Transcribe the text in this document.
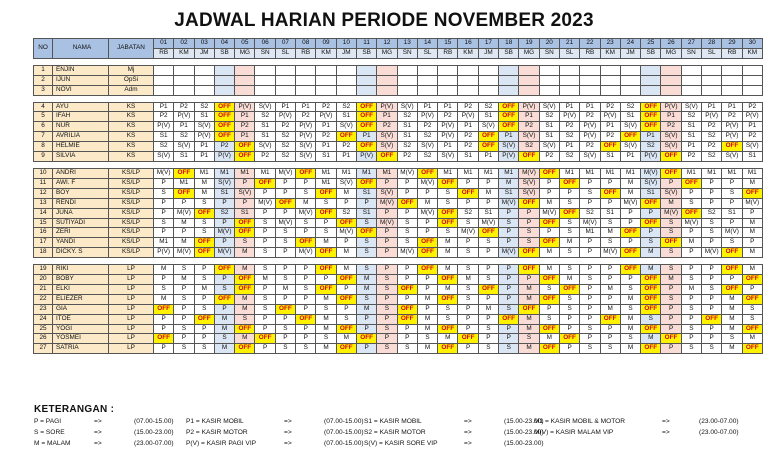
JADWAL HARIAN PERIODE NOVEMBER 2023
NO	NAMA	JABATAN	01	02	03	04	05	06	07	08	09	10	11	12	13	14	15	16	17	18	19	20	21	22	23	24	25	26	27	28	29	30
			RB	KM	JM	SB	MG	SN	SL	RB	KM	JM	SB	MG	SN	SL	RB	KM	JM	SB	MG	SN	SL	RB	KM	JM	SB	MG	SN	SL	RB	KM

1	ENJIN	Mj																														
2	IJUN	OpSi																														
3	NOVI	Adm																														

4	AYU	KS	P1	P2	S2	OFF	P(V)	S(V)	P1	P1	P2	S2	OFF	P(V)	S(V)	P1	P1	P2	S2	OFF	P(V)	S(V)	P1	P1	P2	S2	OFF	P(V)	S(V)	P1	P1	P2
5	IFAH	KS	P2	P(V)	S1	OFF	P1	S2	P(V)	P2	P(V)	S1	OFF	P1	S2	P(V)	P2	P(V)	S1	OFF	P1	S2	P(V)	P2	P(V)	S1	OFF	P1	S2	P(V)	P2	P(V)
6	NUR	KS	P(V)	P1	S(V)	OFF	P2	S1	P2	P(V)	P1	S(V)	OFF	P2	S1	P2	P(V)	P1	S(V)	OFF	P2	S1	P2	P(V)	P1	S(V)	OFF	P2	S1	P2	P(V)	P1
7	AVRILIA	KS	S1	S2	P(V)	OFF	P1	S1	S2	P(V)	P2	OFF	P1	S(V)	S1	S2	P(V)	P2	OFF	P1	S(V)	S1	S2	P(V)	P2	OFF	P1	S(V)	S1	S2	P(V)	P2
8	HELMIE	KS	S2	S(V)	P1	P2	OFF	S(V)	S2	S(V)	P1	P2	OFF	S(V)	S2	S(V)	P1	P2	OFF	S(V)	S2	S(V)	P1	P2	OFF	S(V)	S2	S(V)	P1	P2	OFF	S(V)
9	SILVIA	KS	S(V)	S1	P1	P(V)	OFF	P2	S2	S(V)	S1	P1	P(V)	OFF	P2	S2	S(V)	S1	P1	P(V)	OFF	P2	S2	S(V)	S1	P1	P(V)	OFF	P2	S2	S(V)	S1

10	ANDRI	KS/LP	M(V)	OFF	M1	M1	M1	M1	M(V)	OFF	M1	M1	M1	M1	M(V)	OFF	M1	M1	M1	M1	M(V)	OFF	M1	M1	M1	M1	M(V)	OFF	M1	M1	M1	M1
11	AWI. F	KS/LP	P	M1	M	S(V)	P	OFF	P	P	M1	S(V)	OFF	P	P	M(V)	OFF	P	P	M	S(V)	P	OFF	P	P	M	S(V)	P	OFF	P	P	M
12	BOY	KS/LP	S	OFF	M	S1	S(V)	P	P	S	OFF	M	S1	S(V)	P	P	S	OFF	M	S1	S(V)	P	P	S	OFF	M	S1	S(V)	P	P	S	OFF
13	RENDI	KS/LP	P	P	S	P	P	M(V)	OFF	M	S	P	P	M(V)	OFF	M	S	P	P	M(V)	OFF	M	S	P	P	M(V)	OFF	M	S	P	P	M(V)
14	JUNA	KS/LP	P	M(V)	OFF	S2	S1	P	P	M(V)	OFF	S2	S1	P	P	M(V)	OFF	S2	S1	P	P	M(V)	OFF	S2	S1	P	P	M(V)	OFF	S2	S1	P
15	SUTIYADI	KS/LP	S	M	S	P	OFF	S	M(V)	S	P	OFF	S	M(V)	S	P	OFF	S	M(V)	S	P	OFF	S	M(V)	S	P	OFF	S	M(V)	S	P	M
16	ZERI	KS/LP	P	P	S	M(V)	OFF	P	S	P	S	M(V)	OFF	P	S	P	S	M(V)	OFF	P	S	P	S	M1	M	OFF	P	S	P	S	M(V)	M
17	YANDI	KS/LP	M1	M	OFF	P	S	P	S	OFF	M	P	S	P	S	OFF	M	P	S	P	S	OFF	M	P	S	P	S	OFF	M	P	S	P
18	DICKY. S	KS/LP	P(V)	M(V)	OFF	M(V)	M	S	P	M(V)	OFF	M	S	P	M(V)	OFF	M	S	P	M(V)	OFF	M	S	P	M(V)	OFF	M	S	P	M(V)	OFF	M

19	RIKI	LP	M	S	P	OFF	M	S	P	P	OFF	M	S	P	P	OFF	M	S	P	P	OFF	M	S	P	P	OFF	M	S	P	P	OFF	M
20	BOBY	LP	P	M	S	P	OFF	M	S	P	P	OFF	M	S	P	P	OFF	M	S	P	P	OFF	M	S	P	P	OFF	M	S	P	P	OFF
21	ELKI	LP	S	P	M	S	OFF	P	M	S	OFF	P	M	S	OFF	P	M	S	OFF	P	M	S	OFF	P	M	S	OFF	P	M	S	OFF	P
22	ELIEZER	LP	M	S	P	OFF	M	S	P	P	M	OFF	S	P	P	M	OFF	S	P	P	M	OFF	S	P	P	M	OFF	S	P	P	M	OFF
23	GIA	LP	OFF	P	S	P	M	S	OFF	P	S	P	M	S	OFF	P	S	P	M	S	OFF	P	S	P	M	S	OFF	P	S	P	M	S
24	ITOE	LP	P	P	OFF	M	S	P	P	OFF	M	S	P	P	OFF	M	S	P	P	OFF	M	S	P	P	OFF	M	S	P	P	OFF	M	S
25	YOGI	LP	P	S	P	M	OFF	P	S	P	M	OFF	P	S	P	M	OFF	P	S	P	M	OFF	P	S	P	M	OFF	P	S	P	M	OFF
26	YOSMEI	LP	OFF	P	P	S	M	OFF	P	P	S	M	OFF	P	P	S	M	OFF	P	P	S	M	OFF	P	P	S	M	OFF	P	P	S	M
27	SATRIA	LP	P	S	S	M	OFF	P	S	S	M	OFF	P	S	S	M	OFF	P	S	S	M	OFF	P	S	S	M	OFF	P	S	S	M	OFF
KETERANGAN :
P = PAGI	=>	(07.00-15.00)
S = SORE	=>	(15.00-23.00)
M = MALAM	=>	(23.00-07.00)
P1 = KASIR MOBIL	=>	(07.00-15.00)
P2 = KASIR MOTOR	=>	(07.00-15.00)
P(V) = KASIR PAGI VIP	=>	(07.00-15.00)
S1 = KASIR MOBIL	=>	(15.00-23.00)
S2 = KASIR MOTOR	=>	(15.00-23.00)
S(V) = KASIR SORE VIP	=>	(15.00-23.00)
M1 = KASIR MOBIL & MOTOR	=>	(23.00-07.00)
M(V) = KASIR MALAM VIP	=>	(23.00-07.00)
